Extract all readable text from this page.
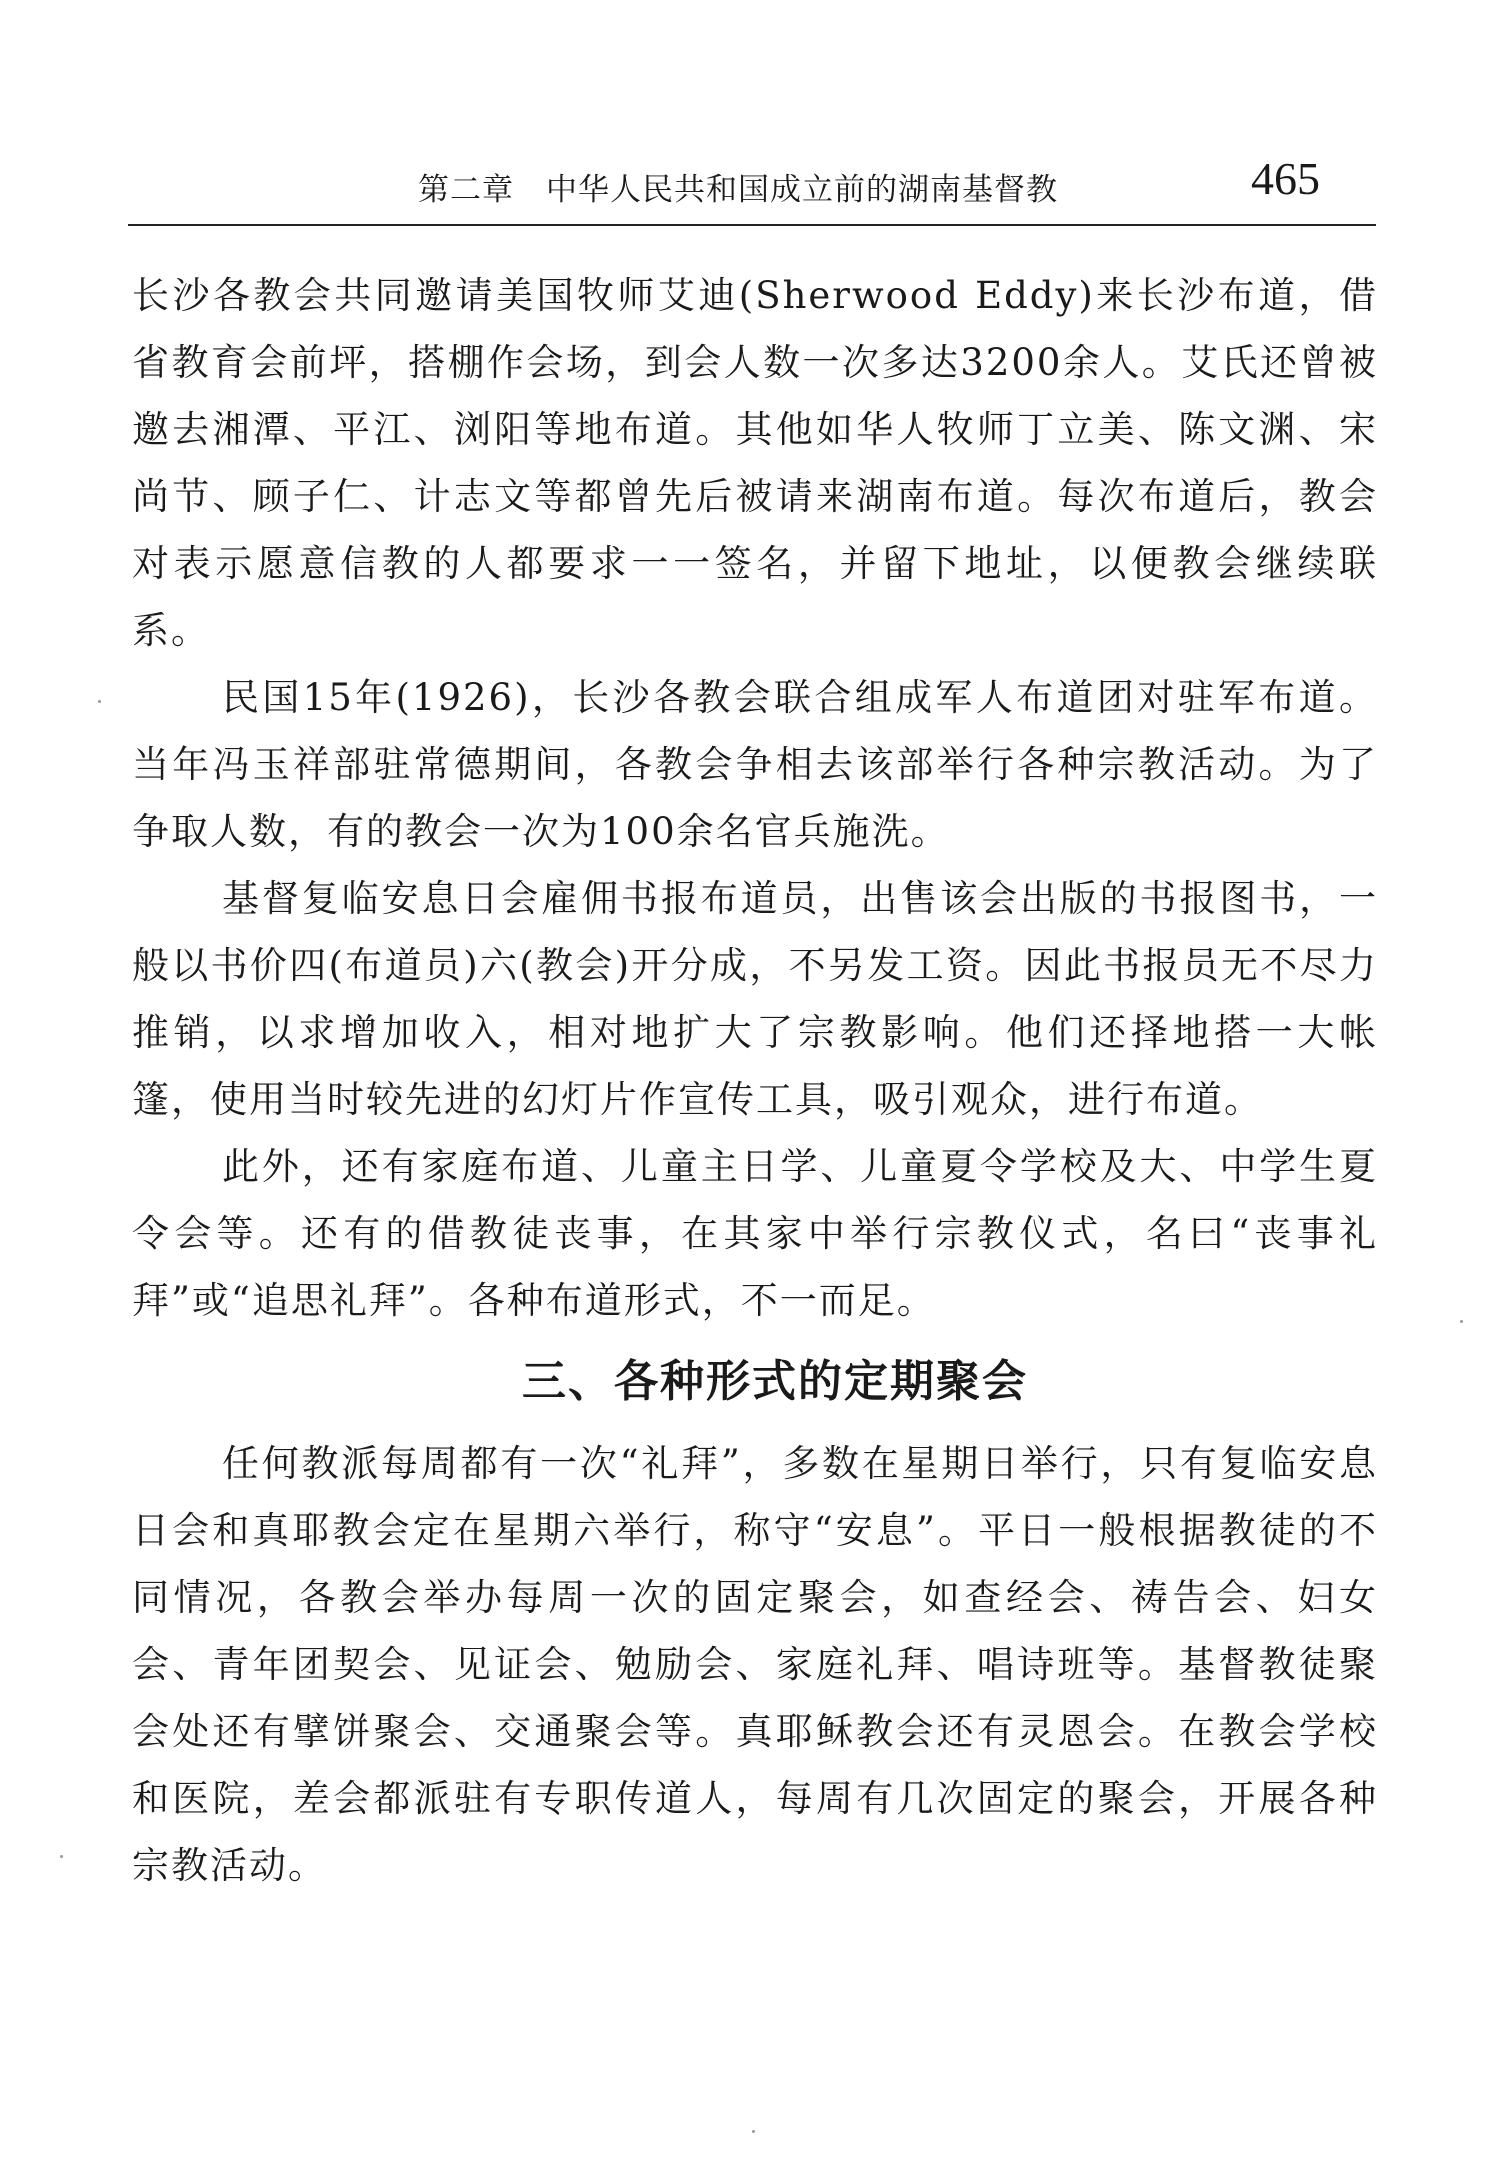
第二章　中华人民共和国成立前的湖南基督教	465

长沙各教会共同邀请美国牧师艾迪(Sherwood Eddy)来长沙布道，借省教育会前坪，搭棚作会场，到会人数一次多达3200余人。艾氏还曾被邀去湘潭、平江、浏阳等地布道。其他如华人牧师丁立美、陈文渊、宋尚节、顾子仁、计志文等都曾先后被请来湖南布道。每次布道后，教会对表示愿意信教的人都要求一一签名，并留下地址，以便教会继续联系。

民国15年(1926)，长沙各教会联合组成军人布道团对驻军布道。当年冯玉祥部驻常德期间，各教会争相去该部举行各种宗教活动。为了争取人数，有的教会一次为100余名官兵施洗。

基督复临安息日会雇佣书报布道员，出售该会出版的书报图书，一般以书价四(布道员)六(教会)开分成，不另发工资。因此书报员无不尽力推销，以求增加收入，相对地扩大了宗教影响。他们还择地搭一大帐篷，使用当时较先进的幻灯片作宣传工具，吸引观众，进行布道。

此外，还有家庭布道、儿童主日学、儿童夏令学校及大、中学生夏令会等。还有的借教徒丧事，在其家中举行宗教仪式，名曰“丧事礼拜”或“追思礼拜”。各种布道形式，不一而足。

三、各种形式的定期聚会

任何教派每周都有一次“礼拜”，多数在星期日举行，只有复临安息日会和真耶教会定在星期六举行，称守“安息”。平日一般根据教徒的不同情况，各教会举办每周一次的固定聚会，如查经会、祷告会、妇女会、青年团契会、见证会、勉励会、家庭礼拜、唱诗班等。基督教徒聚会处还有擘饼聚会、交通聚会等。真耶稣教会还有灵恩会。在教会学校和医院，差会都派驻有专职传道人，每周有几次固定的聚会，开展各种宗教活动。
